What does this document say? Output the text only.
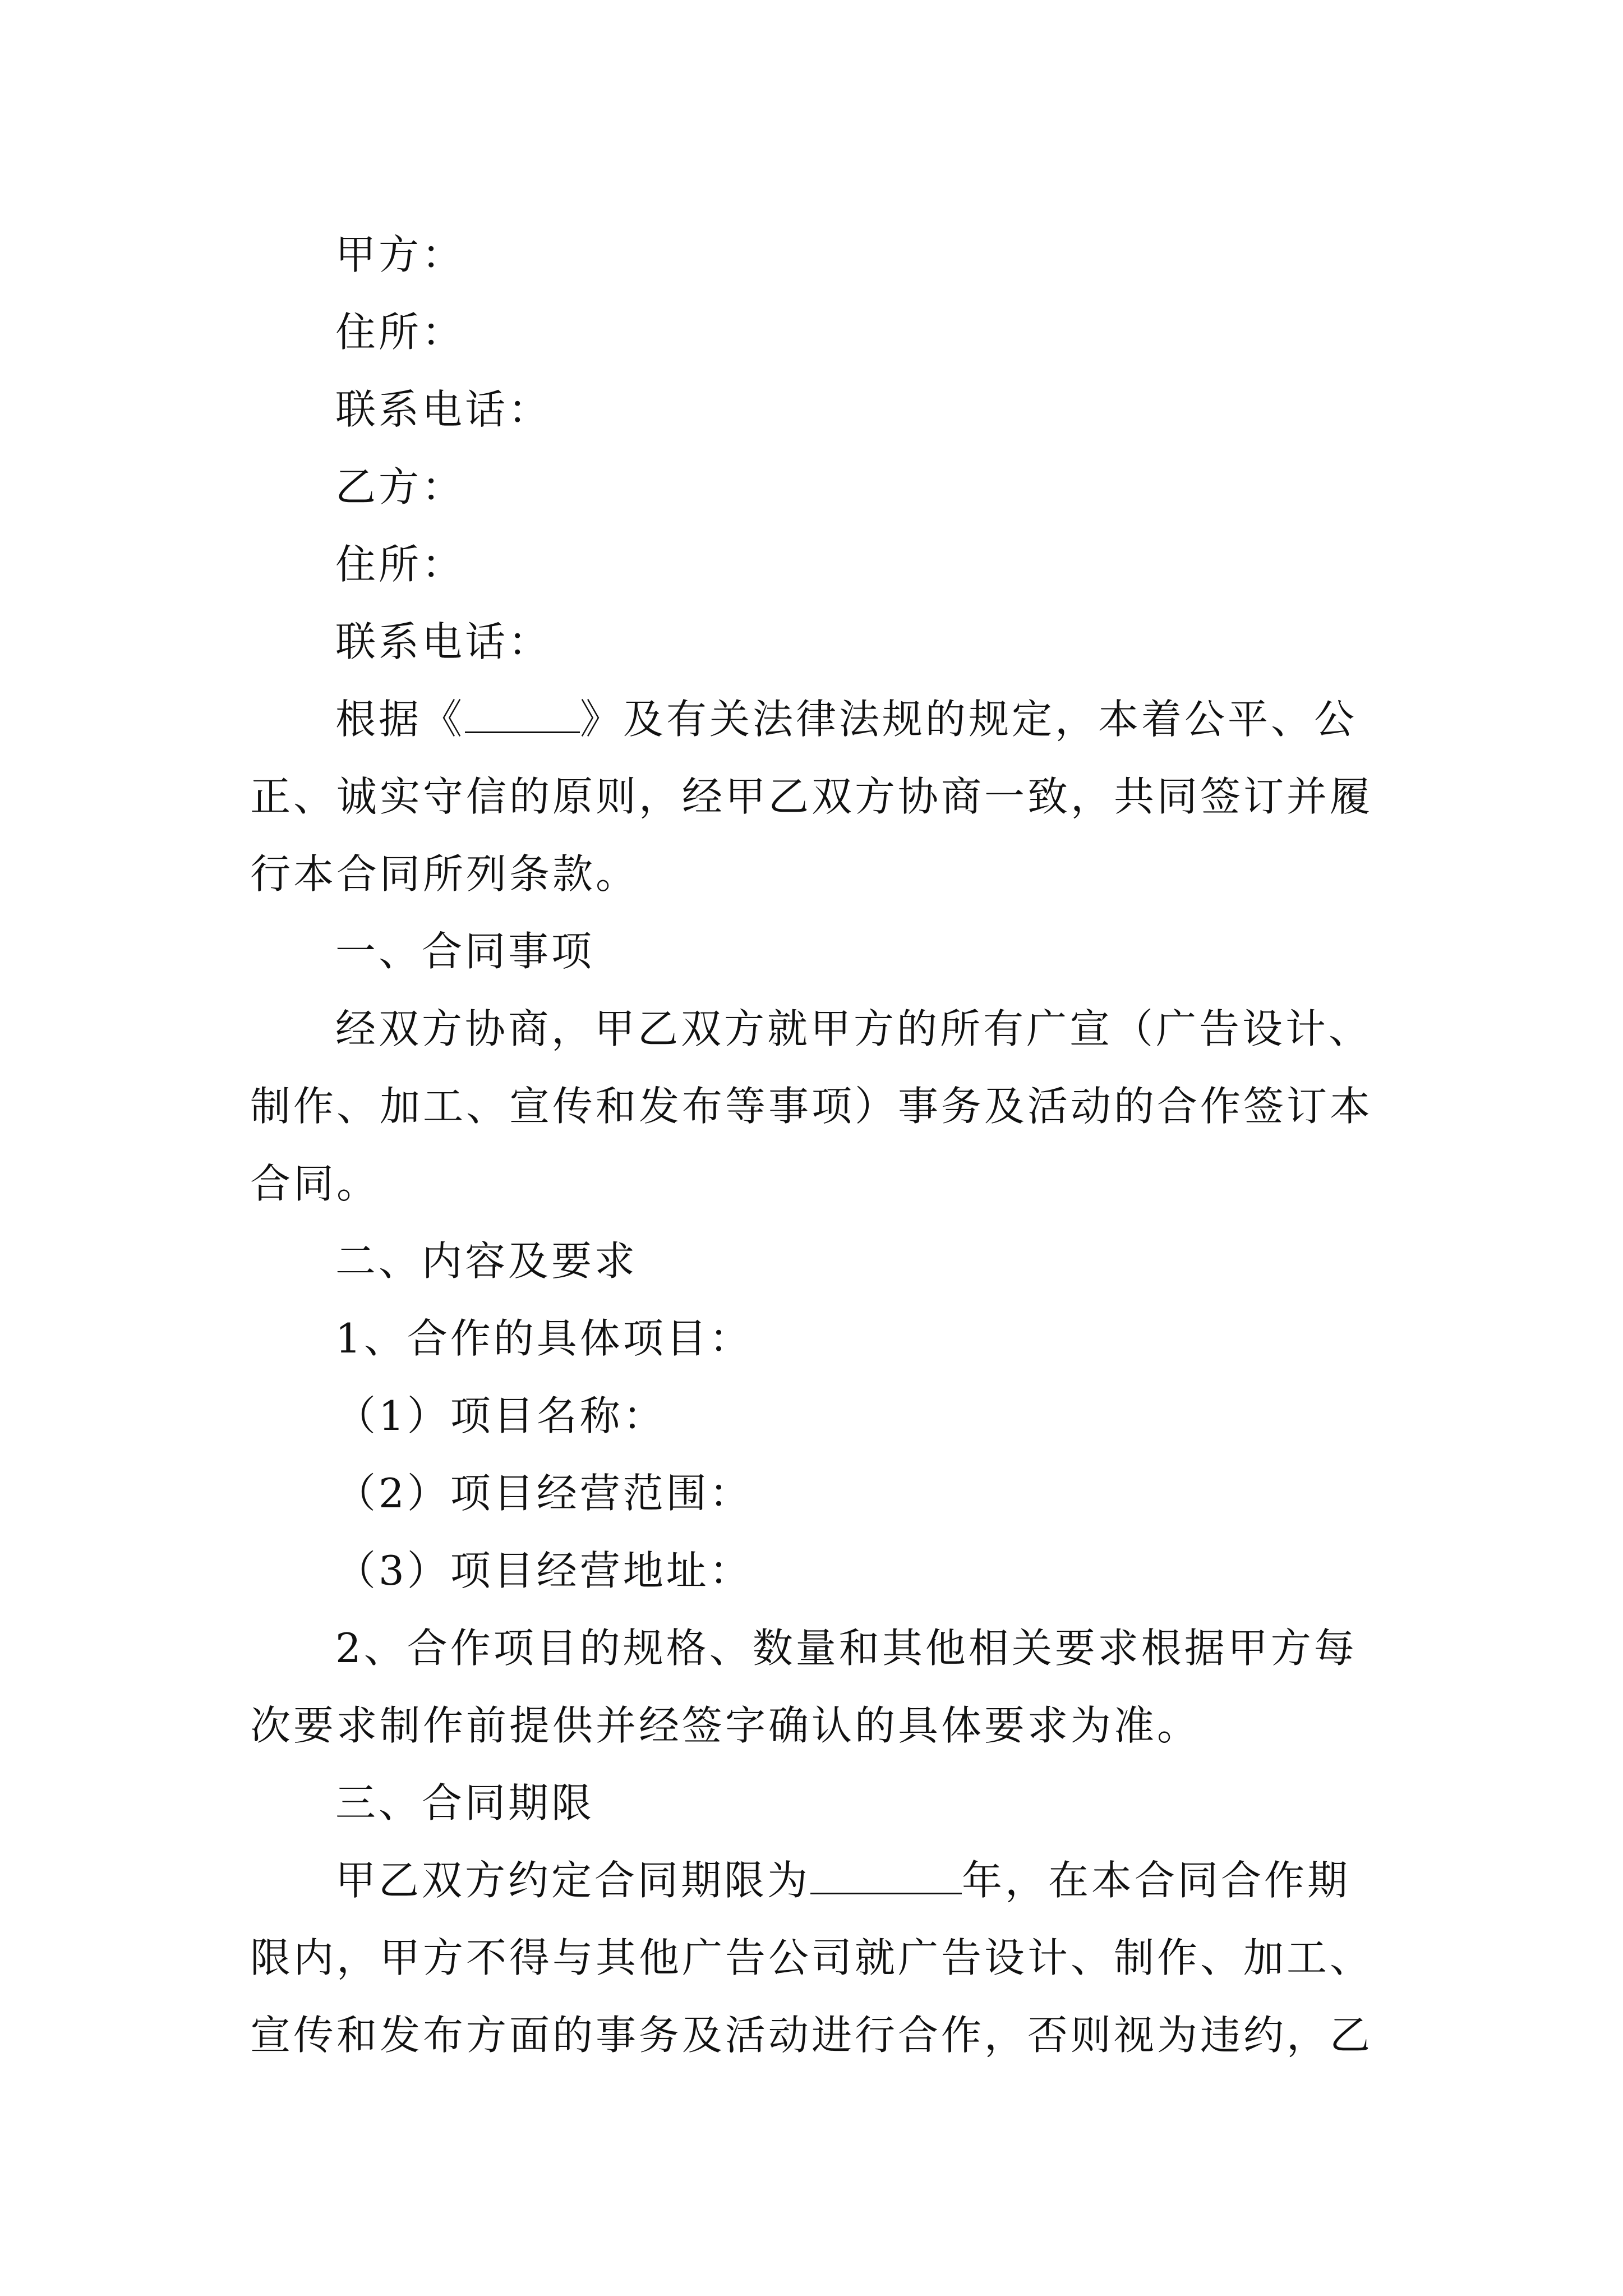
甲方：
住所：
联系电话：
乙方：
住所：
联系电话：
根据《	》及有关法律法规的规定，本着公平、公
正、诚实守信的原则，经甲乙双方协商一致，共同签订并履
行本合同所列条款。
一、合同事项
经双方协商，甲乙双方就甲方的所有广宣（广告设计、
制作、加工、宣传和发布等事项）事务及活动的合作签订本
合同。
二、内容及要求
1、合作的具体项目：
（1）项目名称：
（2）项目经营范围：
（3）项目经营地址：
2、合作项目的规格、数量和其他相关要求根据甲方每
次要求制作前提供并经签字确认的具体要求为准。
三、合同期限
甲乙双方约定合同期限为	年，在本合同合作期
限内，甲方不得与其他广告公司就广告设计、制作、加工、
宣传和发布方面的事务及活动进行合作，否则视为违约，乙
